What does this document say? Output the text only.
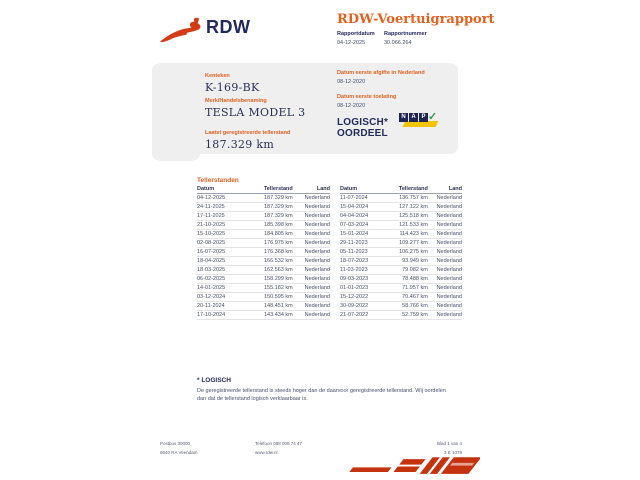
RDW	RDW-Voertuigrapport
Rapportdatum
04-12-2025
Rapportnummer
30.066.264
Kenteken
K-169-BK
Merk/Handelsbenaming
TESLA MODEL 3
Laatst geregistreerde tellerstand
187.329 km
Datum eerste afgifte in Nederland
08-12-2020
Datum eerste toelating
08-12-2020
LOGISCH*
OORDEEL
N A P ✓
Tellerstanden
Datum	Tellerstand	Land
04-12-2025	187.329 km	Nederland
24-11-2025	187.329 km	Nederland
17-11-2025	187.329 km	Nederland
21-10-2025	185.398 km	Nederland
15-10-2025	184.805 km	Nederland
02-08-2025	176.975 km	Nederland
16-07-2025	176.368 km	Nederland
18-04-2025	166.532 km	Nederland
18-03-2025	162.563 km	Nederland
06-02-2025	158.299 km	Nederland
14-01-2025	155.182 km	Nederland
03-12-2024	150.595 km	Nederland
20-11-2024	148.451 km	Nederland
17-10-2024	143.434 km	Nederland
Datum	Tellerstand	Land
11-07-2024	136.757 km	Nederland
15-04-2024	127.122 km	Nederland
04-04-2024	125.518 km	Nederland
07-03-2024	121.533 km	Nederland
15-01-2024	114.423 km	Nederland
29-11-2023	109.277 km	Nederland
05-11-2023	106.275 km	Nederland
18-07-2023	93.949 km	Nederland
11-03-2023	79.082 km	Nederland
09-03-2023	78.488 km	Nederland
01-01-2023	71.957 km	Nederland
15-12-2022	70.467 km	Nederland
30-09-2022	58.766 km	Nederland
21-07-2022	52.759 km	Nederland
* LOGISCH
De geregistreerde tellerstand is steeds hoger dan de daarvoor geregistreerde tellerstand. Wij oordelen dan dat de tellerstand logisch verklaarbaar is.
Postbus 30000
9640 RA Veendam
Telefoon 088 008 74 47
www.rdw.nl
Blad 1 van 4
3 E 1078
